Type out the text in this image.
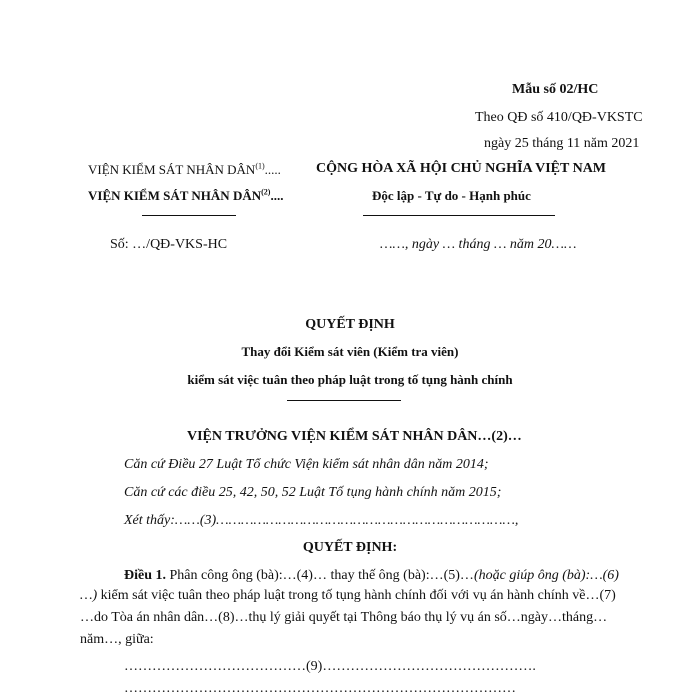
Mẫu số 02/HC
Theo QĐ số 410/QĐ-VKSTC
ngày 25 tháng 11 năm 2021
VIỆN KIỂM SÁT NHÂN DÂN$^{(1)}$.....
VIỆN KIỂM SÁT NHÂN DÂN$^{(2)}$....
Số: …/QĐ-VKS-HC
CỘNG HÒA XÃ HỘI CHỦ NGHĨA VIỆT NAM
Độc lập - Tự do - Hạnh phúc
……, ngày … tháng … năm 20……
QUYẾT ĐỊNH
Thay đổi Kiểm sát viên (Kiểm tra viên)
kiểm sát việc tuân theo pháp luật trong tố tụng hành chính
VIỆN TRƯỞNG VIỆN KIỂM SÁT NHÂN DÂN…(2)…
Căn cứ Điều 27 Luật Tổ chức Viện kiểm sát nhân dân năm 2014;
Căn cứ các điều 25, 42, 50, 52 Luật Tố tụng hành chính năm 2015;
Xét thấy:……(3)………………………………………………………………,
QUYẾT ĐỊNH:
Điều 1. Phân công ông (bà):…(4)… thay thế ông (bà):…(5)…(hoặc giúp ông (bà):…(6)
…) kiểm sát việc tuân theo pháp luật trong tố tụng hành chính đối với vụ án hành chính về…(7)
…do Tòa án nhân dân…(8)…thụ lý giải quyết tại Thông báo thụ lý vụ án số…ngày…tháng…
năm…, giữa:
…………………………………(9)……………………………………….
…………………………………………………………………………
